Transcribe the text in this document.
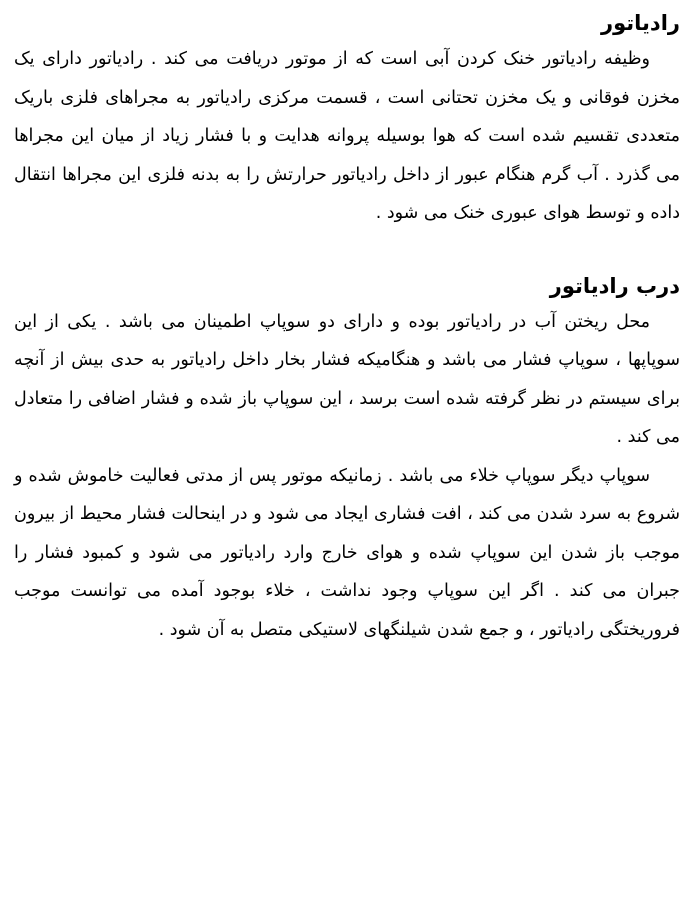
رادیاتور

وظیفه رادیاتور خنک کردن آبی است که از موتور دریافت می کند . رادیاتور دارای یک مخزن فوقانی و یک مخزن تحتانی است ، قسمت مرکزی رادیاتور به مجراهای فلزی باریک متعددی تقسیم شده است که هوا بوسیله پروانه هدایت و با فشار زیاد از میان این مجراها می گذرد . آب گرم هنگام عبور از داخل رادیاتور حرارتش را به بدنه فلزی این مجراها انتقال داده و توسط هوای عبوری خنک می شود .

درب رادیاتور

محل ریختن آب در رادیاتور بوده و دارای دو سوپاپ اطمینان می باشد . یکی از این سوپاپها ، سوپاپ فشار می باشد و هنگامیکه فشار بخار داخل رادیاتور به حدی بیش از آنچه برای سیستم در نظر گرفته شده است برسد ، این سوپاپ باز شده و فشار اضافی را متعادل می کند .

سوپاپ دیگر سوپاپ خلاء می باشد . زمانیکه موتور پس از مدتی فعالیت خاموش شده و شروع به سرد شدن می کند ، افت فشاری ایجاد می شود و در اینحالت فشار محیط از بیرون موجب باز شدن این سوپاپ شده و هوای خارج وارد رادیاتور می شود و کمبود فشار را جبران می کند . اگر این سوپاپ وجود نداشت ، خلاء بوجود آمده می توانست موجب فروریختگی رادیاتور ، و جمع شدن شیلنگهای لاستیکی متصل به آن شود .
